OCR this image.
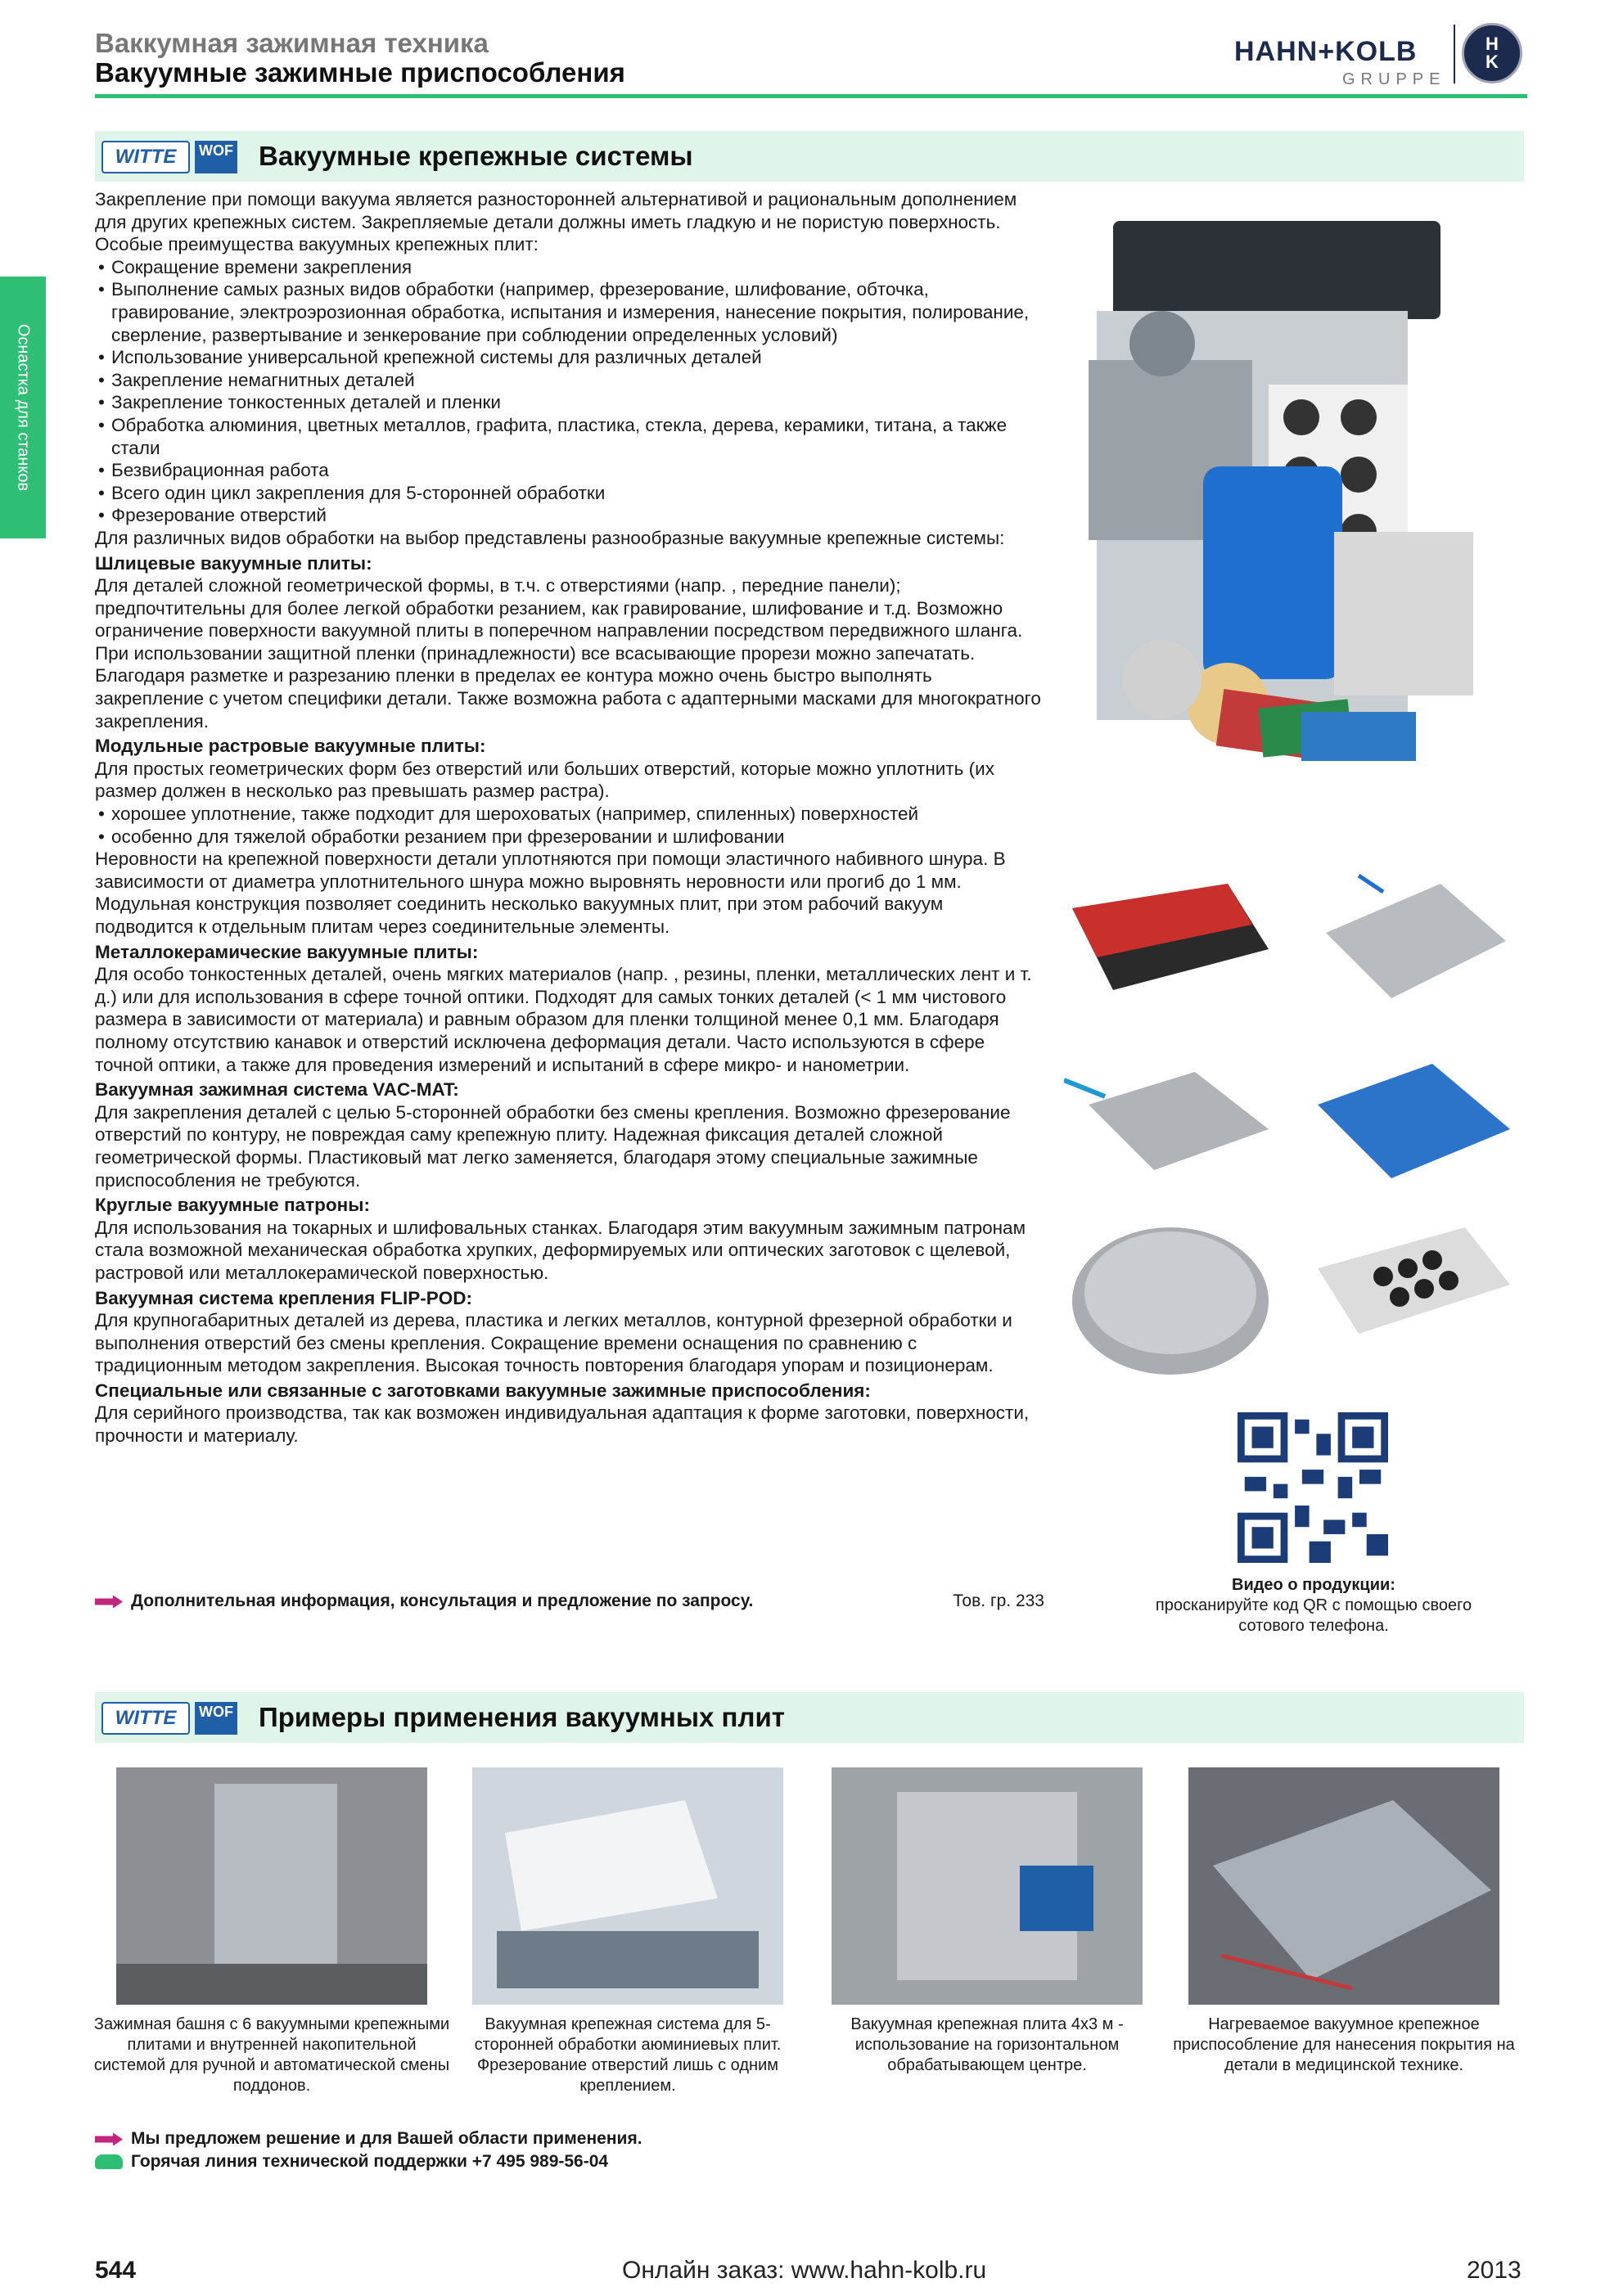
Ваккумная зажимная техника
Вакуумные зажимные приспособления
HAHN+KOLB
GRUPPE
H
K
Оснастка для станков
WITTE	WOF Вакуумные крепежные системы

Закрепление при помощи вакуума является разносторонней альтернативой и рациональным дополнением для других крепежных систем. Закрепляемые детали должны иметь гладкую и не пористую поверхность. Особые преимущества вакуумных крепежных плит:

• Сокращение времени закрепления
• Выполнение самых разных видов обработки (например, фрезерование, шлифование, обточка, гравирование, электроэрозионная обработка, испытания и измерения, нанесение покрытия, полирование, сверление, развертывание и зенкерование при соблюдении определенных условий)
• Использование универсальной крепежной системы для различных деталей
• Закрепление немагнитных деталей
• Закрепление тонкостенных деталей и пленки
• Обработка алюминия, цветных металлов, графита, пластика, стекла, дерева, керамики, титана, а также стали
• Безвибрационная работа
• Всего один цикл закрепления для 5-сторонней обработки
• Фрезерование отверстий

Для различных видов обработки на выбор представлены разнообразные вакуумные крепежные системы:

Шлицевые вакуумные плиты:

Для деталей сложной геометрической формы, в т.ч. с отверстиями (напр. , передние панели); предпочтительны для более легкой обработки резанием, как гравирование, шлифование и т.д. Возможно ограничение поверхности вакуумной плиты в поперечном направлении посредством передвижного шланга. При использовании защитной пленки (принадлежности) все всасывающие прорези можно запечатать. Благодаря разметке и разрезанию пленки в пределах ее контура можно очень быстро выполнять закрепление с учетом специфики детали. Также возможна работа с адаптерными масками для многократного закрепления.

Модульные растровые вакуумные плиты:

Для простых геометрических форм без отверстий или больших отверстий, которые можно уплотнить (их размер должен в несколько раз превышать размер растра).

• хорошее уплотнение, также подходит для шероховатых (например, спиленных) поверхностей
• особенно для тяжелой обработки резанием при фрезеровании и шлифовании

Неровности на крепежной поверхности детали уплотняются при помощи эластичного набивного шнура. В зависимости от диаметра уплотнительного шнура можно выровнять неровности или прогиб до 1 мм. Модульная конструкция позволяет соединить несколько вакуумных плит, при этом рабочий вакуум подводится к отдельным плитам через соединительные элементы.

Металлокерамические вакуумные плиты:

Для особо тонкостенных деталей, очень мягких материалов (напр. , резины, пленки, металлических лент и т. д.) или для использования в сфере точной оптики. Подходят для самых тонких деталей (< 1 мм чистового размера в зависимости от материала) и равным образом для пленки толщиной менее 0,1 мм. Благодаря полному отсутствию канавок и отверстий исключена деформация детали. Часто используются в сфере точной оптики, а также для проведения измерений и испытаний в сфере микро- и нанометрии.

Вакуумная зажимная система VAC-MAT:

Для закрепления деталей с целью 5-сторонней обработки без смены крепления. Возможно фрезерование отверстий по контуру, не повреждая саму крепежную плиту. Надежная фиксация деталей сложной геометрической формы. Пластиковый мат легко заменяется, благодаря этому специальные зажимные приспособления не требуются.

Круглые вакуумные патроны:

Для использования на токарных и шлифовальных станках. Благодаря этим вакуумным зажимным патронам стала возможной механическая обработка хрупких, деформируемых или оптических заготовок с щелевой, растровой или металлокерамической поверхностью.

Вакуумная система крепления FLIP-POD:

Для крупногабаритных деталей из дерева, пластика и легких металлов, контурной фрезерной обработки и выполнения отверстий без смены крепления. Сокращение времени оснащения по сравнению с традиционным методом закрепления. Высокая точность повторения благодаря упорам и позиционерам.

Специальные или связанные с заготовками вакуумные зажимные приспособления:

Для серийного производства, так как возможен индивидуальная адаптация к форме заготовки, поверхности, прочности и материалу.

Дополнительная информация, консультация и предложение по запросу.	Тов. гр. 233
Видео о продукции:
просканируйте код QR с помощью своего сотового телефона.
WITTE	WOF Примеры применения вакуумных плит
Зажимная башня с 6 вакуумными крепежными плитами и внутренней накопительной системой для ручной и автоматической смены поддонов.
Вакуумная крепежная система для 5-сторонней обработки аюминиевых плит. Фрезерование отверстий лишь с одним креплением.
Вакуумная крепежная плита 4x3 м - использование на горизонтальном обрабатывающем центре.
Нагреваемое вакуумное крепежное приспособление для нанесения покрытия на детали в медицинской технике.
Мы предложем решение и для Вашей области применения.
Горячая линия технической поддержки +7 495 989-56-04
544	Онлайн заказ: www.hahn-kolb.ru	2013
